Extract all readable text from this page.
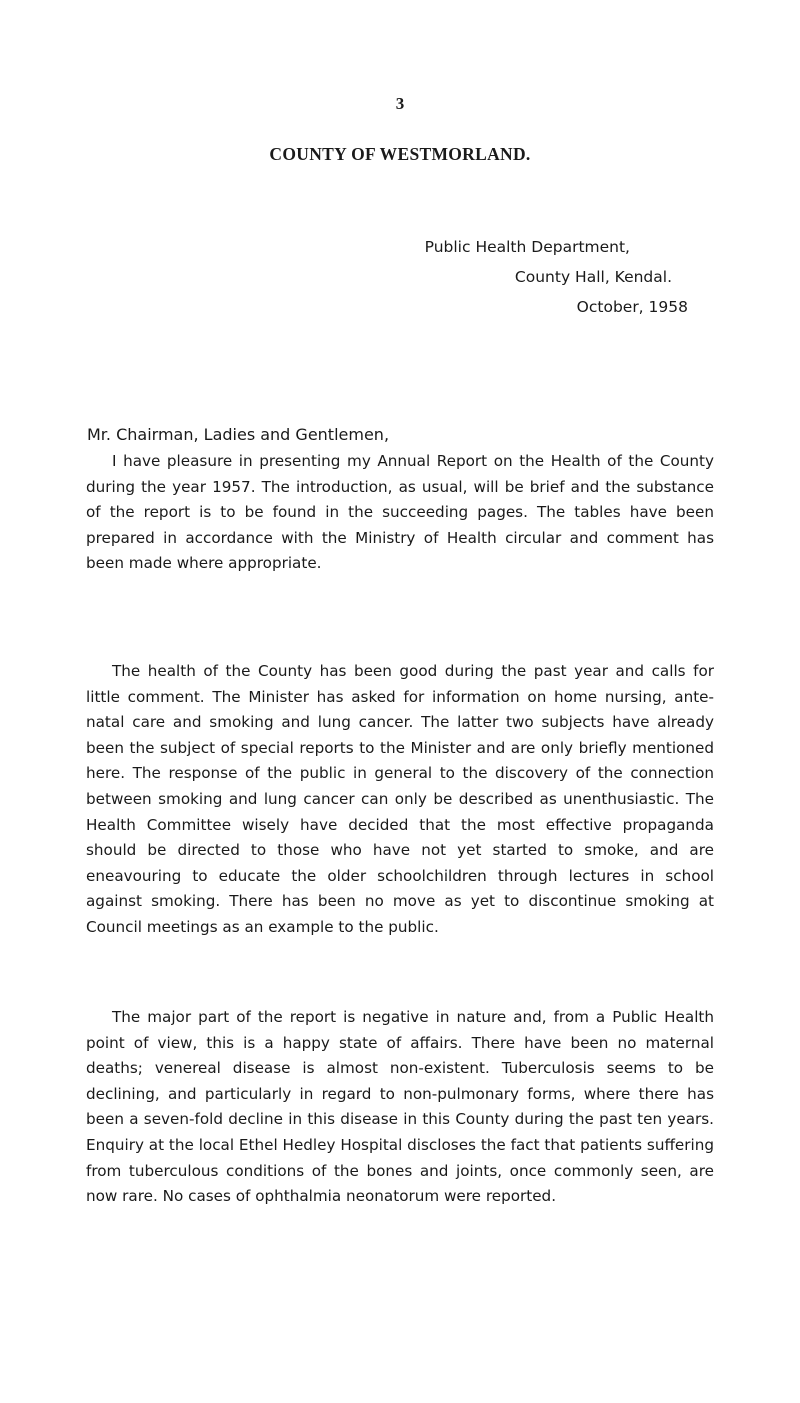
3
COUNTY OF WESTMORLAND.
Public Health Department,
County Hall, Kendal.
October, 1958
Mr. Chairman, Ladies and Gentlemen,

I have pleasure in presenting my Annual Report on the Health of the County during the year 1957. The introduction, as usual, will be brief and the substance of the report is to be found in the succeeding pages. The tables have been prepared in accordance with the Ministry of Health circular and comment has been made where appropriate.

The health of the County has been good during the past year and calls for little comment. The Minister has asked for information on home nursing, ante-natal care and smoking and lung cancer. The latter two subjects have already been the subject of special reports to the Minister and are only briefly mentioned here. The response of the public in general to the discovery of the connection between smoking and lung cancer can only be described as unenthusiastic. The Health Committee wisely have decided that the most effective propaganda should be directed to those who have not yet started to smoke, and are eneavouring to educate the older schoolchildren through lectures in school against smoking. There has been no move as yet to discontinue smoking at Council meetings as an example to the public.

The major part of the report is negative in nature and, from a Public Health point of view, this is a happy state of affairs. There have been no maternal deaths; venereal disease is almost non-existent. Tuberculosis seems to be declining, and particularly in regard to non-pulmonary forms, where there has been a seven-fold decline in this disease in this County during the past ten years. Enquiry at the local Ethel Hedley Hospital discloses the fact that patients suffering from tuberculous conditions of the bones and joints, once commonly seen, are now rare. No cases of ophthalmia neonatorum were reported.
